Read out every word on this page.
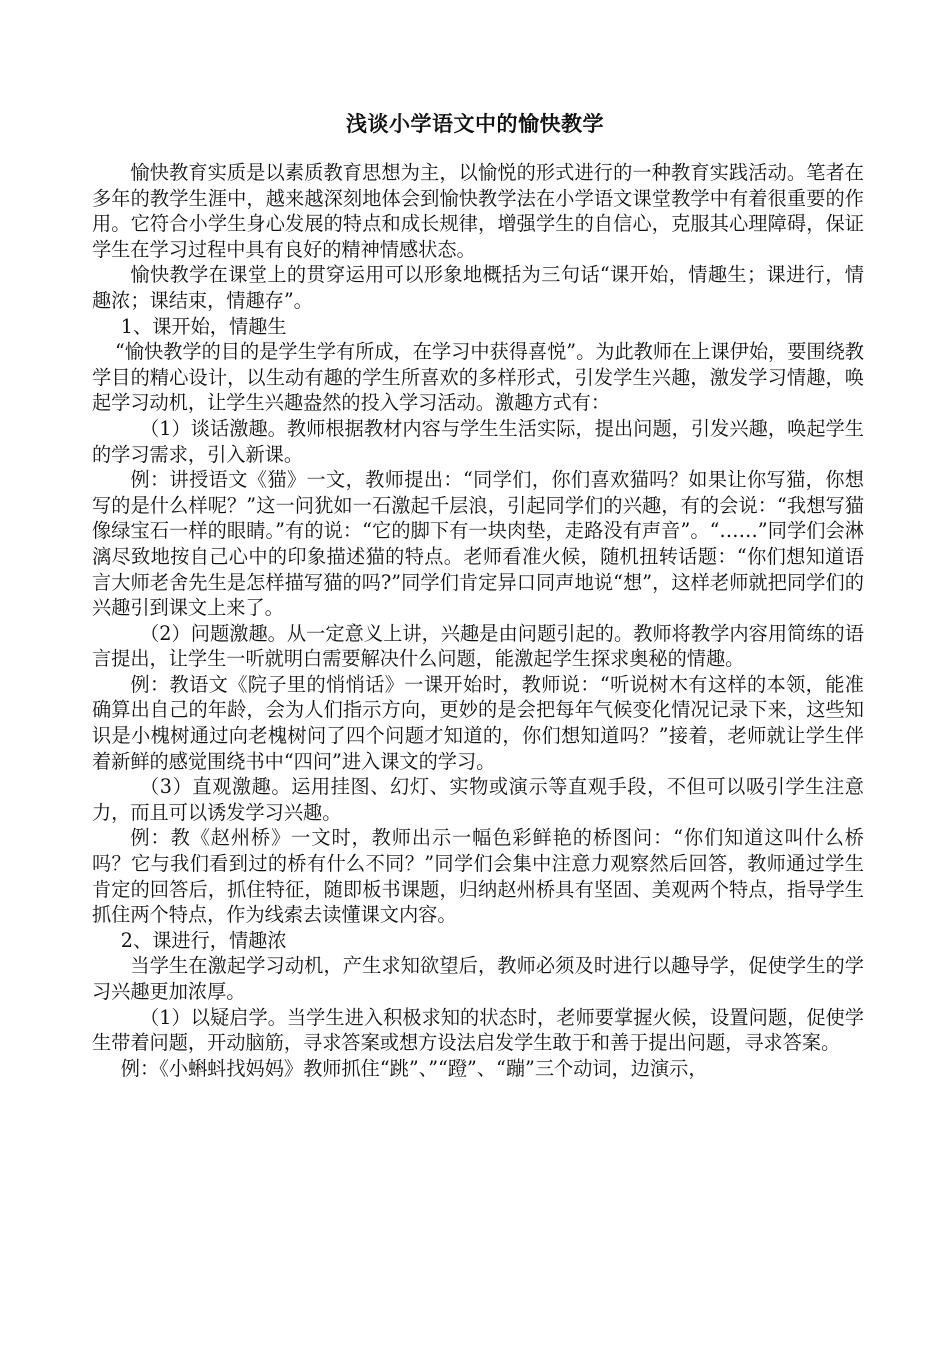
浅谈小学语文中的愉快教学

愉快教育实质是以素质教育思想为主，以愉悦的形式进行的一种教育实践活动。笔者在多年的教学生涯中，越来越深刻地体会到愉快教学法在小学语文课堂教学中有着很重要的作用。它符合小学生身心发展的特点和成长规律，增强学生的自信心，克服其心理障碍，保证学生在学习过程中具有良好的精神情感状态。

愉快教学在课堂上的贯穿运用可以形象地概括为三句话“课开始，情趣生；课进行，情趣浓；课结束，情趣存”。

1、课开始，情趣生

“愉快教学的目的是学生学有所成，在学习中获得喜悦”。为此教师在上课伊始，要围绕教学目的精心设计，以生动有趣的学生所喜欢的多样形式，引发学生兴趣，激发学习情趣，唤起学习动机，让学生兴趣盎然的投入学习活动。激趣方式有：

（1）谈话激趣。教师根据教材内容与学生生活实际，提出问题，引发兴趣，唤起学生的学习需求，引入新课。

例：讲授语文《猫》一文，教师提出：“同学们，你们喜欢猫吗？如果让你写猫，你想写的是什么样呢？”这一问犹如一石激起千层浪，引起同学们的兴趣，有的会说：“我想写猫像绿宝石一样的眼睛。”有的说：“它的脚下有一块肉垫，走路没有声音”。“……”同学们会淋漓尽致地按自己心中的印象描述猫的特点。老师看准火候，随机扭转话题：“你们想知道语言大师老舍先生是怎样描写猫的吗?”同学们肯定异口同声地说“想”，这样老师就把同学们的兴趣引到课文上来了。

（2）问题激趣。从一定意义上讲，兴趣是由问题引起的。教师将教学内容用简练的语言提出，让学生一听就明白需要解决什么问题，能激起学生探求奥秘的情趣。

例：教语文《院子里的悄悄话》一课开始时，教师说：“听说树木有这样的本领，能准确算出自己的年龄，会为人们指示方向，更妙的是会把每年气候变化情况记录下来，这些知识是小槐树通过向老槐树问了四个问题才知道的，你们想知道吗？”接着，老师就让学生伴着新鲜的感觉围绕书中“四问”进入课文的学习。

（3）直观激趣。运用挂图、幻灯、实物或演示等直观手段，不但可以吸引学生注意力，而且可以诱发学习兴趣。

例：教《赵州桥》一文时，教师出示一幅色彩鲜艳的桥图问：“你们知道这叫什么桥吗？它与我们看到过的桥有什么不同？”同学们会集中注意力观察然后回答，教师通过学生肯定的回答后，抓住特征，随即板书课题，归纳赵州桥具有坚固、美观两个特点，指导学生抓住两个特点，作为线索去读懂课文内容。

2、课进行，情趣浓

当学生在激起学习动机，产生求知欲望后，教师必须及时进行以趣导学，促使学生的学习兴趣更加浓厚。

（1）以疑启学。当学生进入积极求知的状态时，老师要掌握火候，设置问题，促使学生带着问题，开动脑筋，寻求答案或想方设法启发学生敢于和善于提出问题，寻求答案。

例：《小蝌蚪找妈妈》教师抓住“跳”、”“蹬”、“蹦”三个动词，边演示，
